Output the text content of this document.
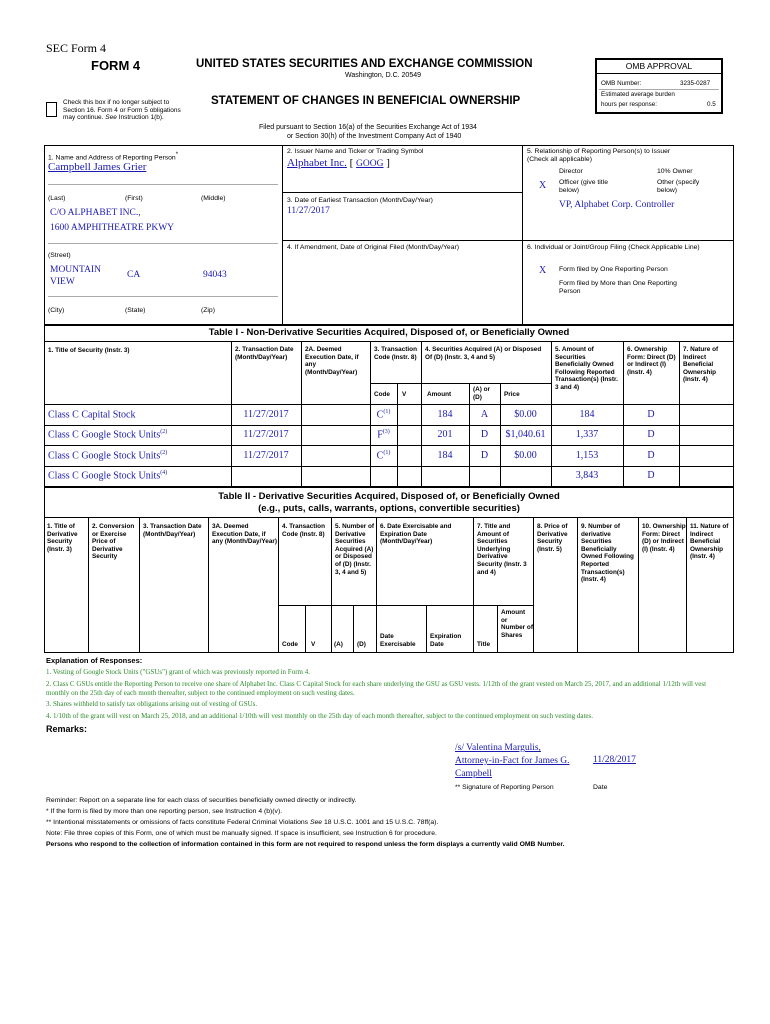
SEC Form 4
FORM 4	UNITED STATES SECURITIES AND EXCHANGE COMMISSION
Washington, D.C. 20549
Check this box if no longer subject to Section 16. Form 4 or Form 5 obligations may continue. See Instruction 1(b).
STATEMENT OF CHANGES IN BENEFICIAL OWNERSHIP
Filed pursuant to Section 16(a) of the Securities Exchange Act of 1934
or Section 30(h) of the Investment Company Act of 1940
OMB APPROVAL
OMB Number:	3235-0287
Estimated average burden
hours per response:	0.5
1. Name and Address of Reporting Person*
Campbell James Grier
(Last)	(First)	(Middle)
C/O ALPHABET INC.,
1600 AMPHITHEATRE PKWY
(Street)
MOUNTAIN
VIEW
CA	94043
(City)	(State)	(Zip)
2. Issuer Name and Ticker or Trading Symbol
Alphabet Inc. [ GOOG ]
3. Date of Earliest Transaction (Month/Day/Year)
11/27/2017
4. If Amendment, Date of Original Filed (Month/Day/Year)
5. Relationship of Reporting Person(s) to Issuer
(Check all applicable)
Director	10% Owner
X Officer (give title below)
Other (specify below)
VP, Alphabet Corp. Controller
6. Individual or Joint/Group Filing (Check Applicable Line)
X Form filed by One Reporting Person
Form filed by More than One Reporting Person
Table I - Non-Derivative Securities Acquired, Disposed of, or Beneficially Owned
1. Title of Security (Instr. 3)	2. Transaction Date (Month/Day/Year)
2A. Deemed Execution Date, if any (Month/Day/Year)
3. Transaction Code (Instr. 8)
4. Securities Acquired (A) or Disposed Of (D) (Instr. 3, 4 and 5)
5. Amount of Securities Beneficially Owned Following Reported Transaction(s) (Instr. 3 and 4)
6. Ownership Form: Direct (D) or Indirect (I) (Instr. 4)
7. Nature of Indirect Beneficial Ownership (Instr. 4)
Code V	Amount
(A) or (D)	Price
Class C Capital Stock	11/27/2017	$C^{(1)}$	184	A	$0.00	184	D
Class C Google Stock Units$^{(2)}$	11/27/2017	$F^{(3)}$	201	D	$1,040.61	1,337	D
Class C Google Stock Units$^{(2)}$	11/27/2017	$C^{(1)}$	184	D	$0.00	1,153	D
Class C Google Stock Units$^{(4)}$	3,843	D
Table II - Derivative Securities Acquired, Disposed of, or Beneficially Owned
(e.g., puts, calls, warrants, options, convertible securities)
1. Title of Derivative Security (Instr. 3)
2. Conversion or Exercise Price of Derivative Security
3. Transaction Date (Month/Day/Year)
3A. Deemed Execution Date, if any (Month/Day/Year)
4. Transaction Code (Instr. 8)
5. Number of Derivative Securities Acquired (A) or Disposed of (D) (Instr. 3, 4 and 5)
6. Date Exercisable and Expiration Date (Month/Day/Year)
7. Title and Amount of Securities Underlying Derivative Security (Instr. 3 and 4)
8. Price of Derivative Security (Instr. 5)
9. Number of derivative Securities Beneficially Owned Following Reported Transaction(s) (Instr. 4)
10. Ownership Form: Direct (D) or Indirect (I) (Instr. 4)
11. Nature of Indirect Beneficial Ownership (Instr. 4)
Code V	(A) (D)
Date Exercisable
Expiration Date	Title
Amount or Number of Shares
Explanation of Responses:
1. Vesting of Google Stock Units ("GSUs") grant of which was previously reported in Form 4.
2. Class C GSUs entitle the Reporting Person to receive one share of Alphabet Inc. Class C Capital Stock for each share underlying the GSU as GSU vests. 1/12th of the grant vested on March 25, 2017, and an additional 1/12th will vest monthly on the 25th day of each month thereafter, subject to the continued employment on such vesting dates.
3. Shares withheld to satisfy tax obligations arising out of vesting of GSUs.
4. 1/10th of the grant will vest on March 25, 2018, and an additional 1/10th will vest monthly on the 25th day of each month thereafter, subject to the continued employment on such vesting dates.
Remarks:
/s/ Valentina Margulis,
Attorney-in-Fact for James G.
Campbell
11/28/2017
** Signature of Reporting Person	Date
Reminder: Report on a separate line for each class of securities beneficially owned directly or indirectly.
* If the form is filed by more than one reporting person, see Instruction 4 (b)(v).
** Intentional misstatements or omissions of facts constitute Federal Criminal Violations See 18 U.S.C. 1001 and 15 U.S.C. 78ff(a).
Note: File three copies of this Form, one of which must be manually signed. If space is insufficient, see Instruction 6 for procedure.
Persons who respond to the collection of information contained in this form are not required to respond unless the form displays a currently valid OMB Number.
